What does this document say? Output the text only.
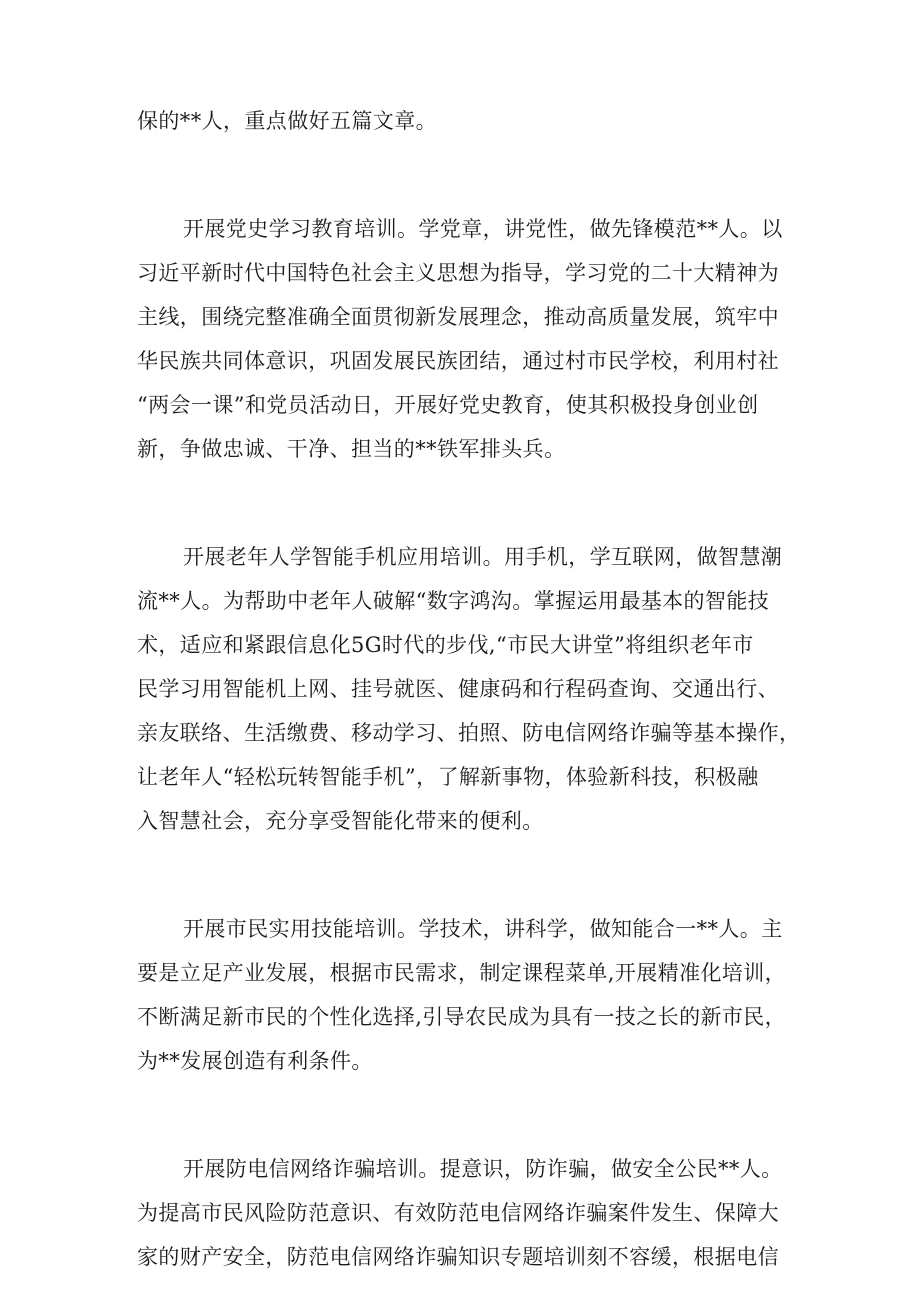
保的**人，重点做好五篇文章。
开展党史学习教育培训。学党章，讲党性，做先锋模范**人。以
习近平新时代中国特色社会主义思想为指导，学习党的二十大精神为
主线，围绕完整准确全面贯彻新发展理念，推动高质量发展，筑牢中
华民族共同体意识，巩固发展民族团结，通过村市民学校，利用村社
“两会一课”和党员活动日，开展好党史教育，使其积极投身创业创
新，争做忠诚、干净、担当的**铁军排头兵。
开展老年人学智能手机应用培训。用手机，学互联网，做智慧潮
流**人。为帮助中老年人破解“数字鸿沟。掌握运用最基本的智能技
术，适应和紧跟信息化5G时代的步伐,“市民大讲堂”将组织老年市
民学习用智能机上网、挂号就医、健康码和行程码查询、交通出行、
亲友联络、生活缴费、移动学习、拍照、防电信网络诈骗等基本操作，
让老年人“轻松玩转智能手机”，了解新事物，体验新科技，积极融
入智慧社会，充分享受智能化带来的便利。
开展市民实用技能培训。学技术，讲科学，做知能合一**人。主
要是立足产业发展，根据市民需求，制定课程菜单,开展精准化培训，
不断满足新市民的个性化选择,引导农民成为具有一技之长的新市民，
为**发展创造有利条件。
开展防电信网络诈骗培训。提意识，防诈骗，做安全公民**人。
为提高市民风险防范意识、有效防范电信网络诈骗案件发生、保障大
家的财产安全，防范电信网络诈骗知识专题培训刻不容缓，根据电信
